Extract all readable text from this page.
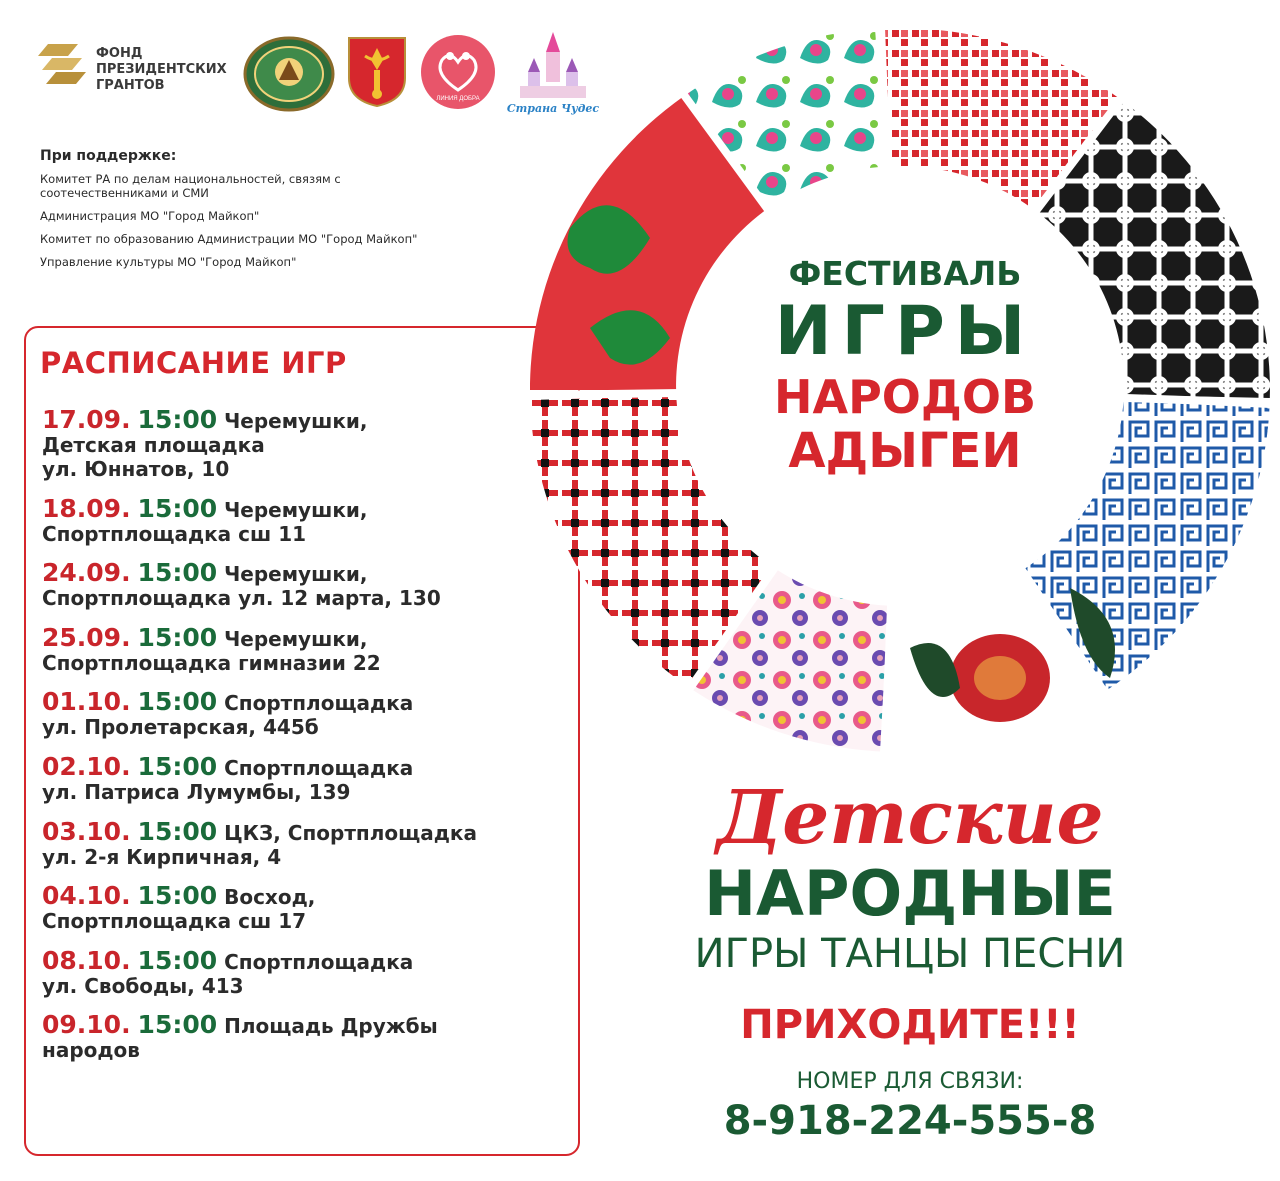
ФОНД
ПРЕЗИДЕНТСКИХ
ГРАНТОВ
ЛИНИЯ ДОБРА
Страна Чудес
При поддержке:
Комитет РА по делам национальностей, связям с соотечественниками и СМИ
Администрация МО "Город Майкоп"
Комитет по образованию Администрации МО "Город Майкоп"
Управление культуры МО "Город Майкоп"
РАСПИСАНИЕ ИГР
17.09. 15:00 Черемушки,
Детская площадка
ул. Юннатов, 10
18.09. 15:00 Черемушки,
Спортплощадка сш 11
24.09. 15:00 Черемушки,
Спортплощадка ул. 12 марта, 130
25.09. 15:00 Черемушки,
Спортплощадка гимназии 22
01.10. 15:00 Спортплощадка
ул. Пролетарская, 445б
02.10. 15:00 Спортплощадка
ул. Патриса Лумумбы, 139
03.10. 15:00 ЦКЗ, Спортплощадка
ул. 2-я Кирпичная, 4
04.10. 15:00 Восход,
Спортплощадка сш 17
08.10. 15:00 Спортплощадка
ул. Свободы, 413
09.10. 15:00 Площадь Дружбы
народов
ФЕСТИВАЛЬ
ИГРЫ
НАРОДОВ
АДЫГЕИ
Детские
НАРОДНЫЕ
ИГРЫ ТАНЦЫ ПЕСНИ
ПРИХОДИТЕ!!!
НОМЕР ДЛЯ СВЯЗИ:
8-918-224-555-8
